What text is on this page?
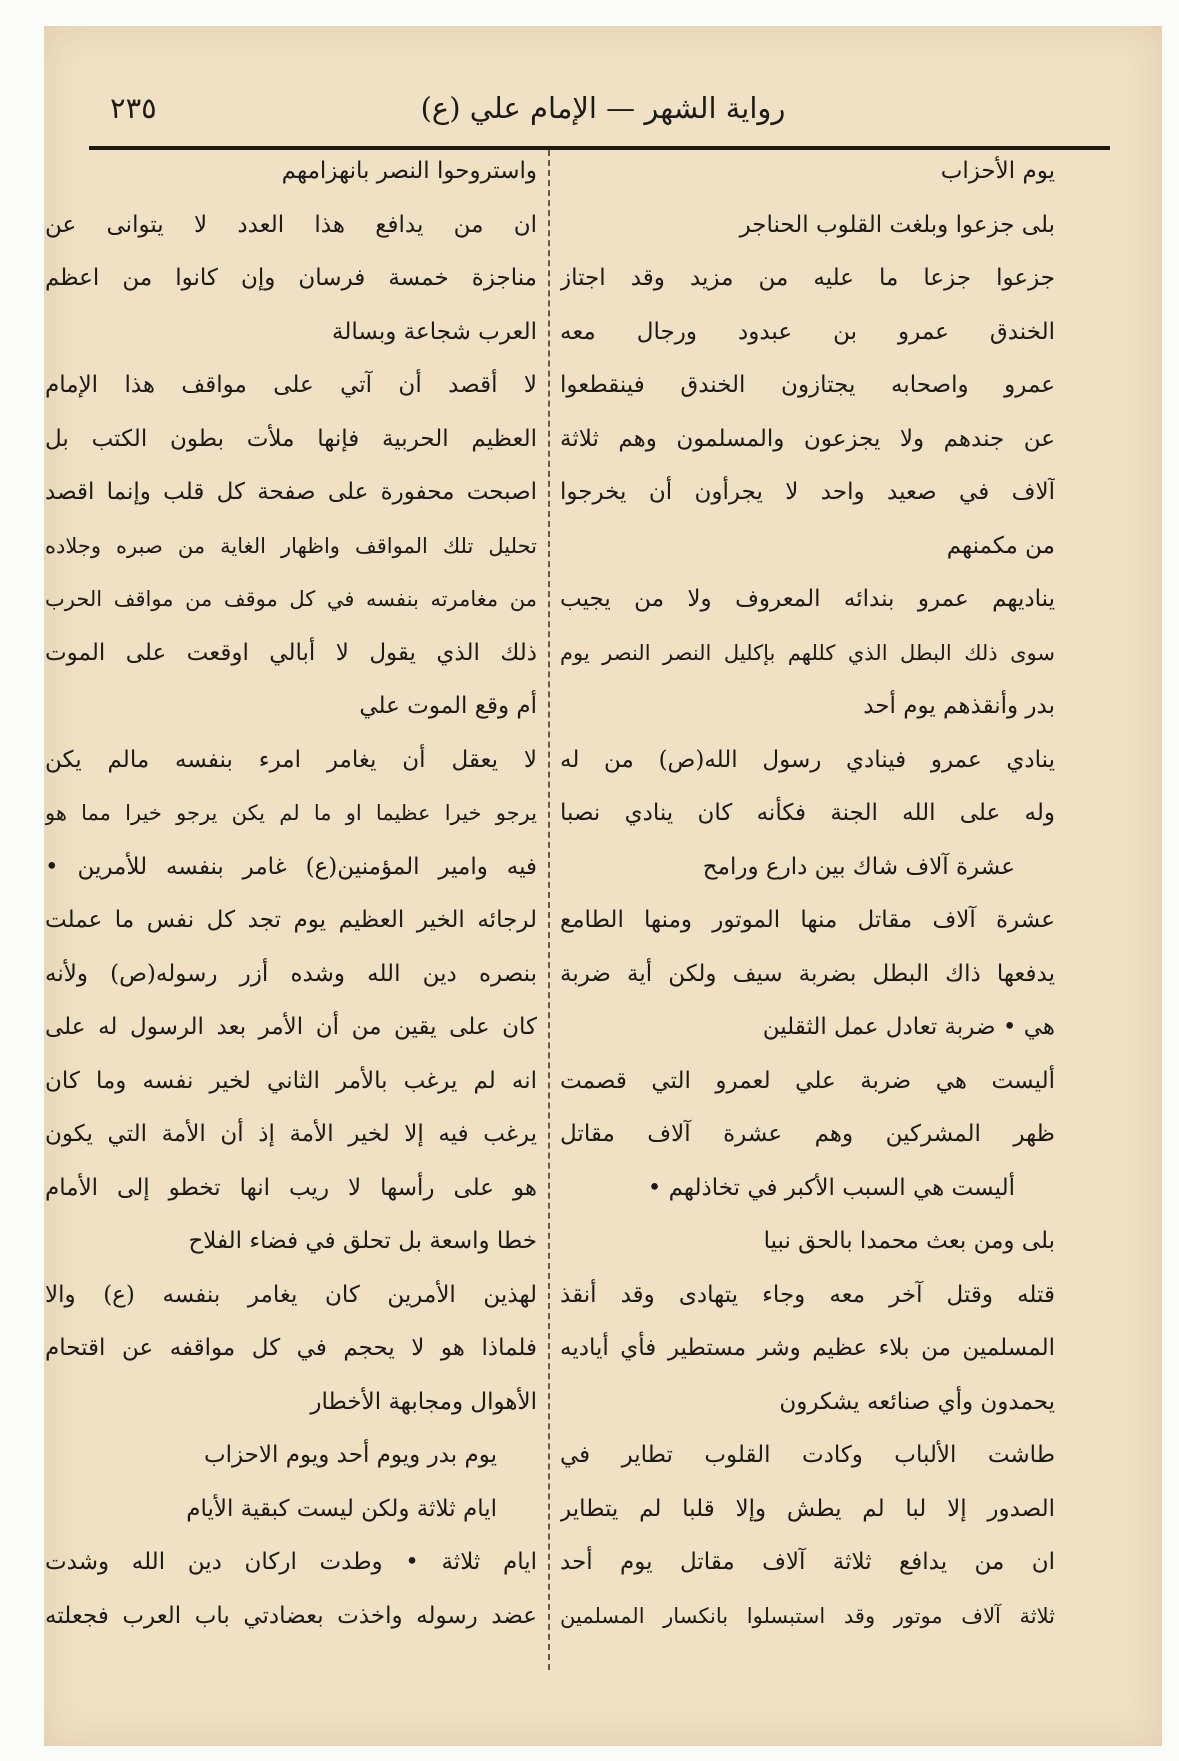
رواية الشهر — الإمام علي (ع)
٢٣٥
يوم الأحزاب
بلى جزعوا وبلغت القلوب الحناجر
جزعوا جزعا ما عليه من مزيد وقد اجتاز
الخندق عمرو بن عبدود ورجال معه
عمرو واصحابه يجتازون الخندق فينقطعوا
عن جندهم ولا يجزعون والمسلمون وهم ثلاثة
آلاف في صعيد واحد لا يجرأون أن يخرجوا
من مكمنهم
يناديهم عمرو بندائه المعروف ولا من يجيب
سوى ذلك البطل الذي كللهم بإكليل النصر النصر يوم
بدر وأنقذهم يوم أحد
ينادي عمرو فينادي رسول الله(ص) من له
وله على الله الجنة فكأنه كان ينادي نصبا
عشرة آلاف شاك بين دارع ورامح
عشرة آلاف مقاتل منها الموتور ومنها الطامع
يدفعها ذاك البطل بضربة سيف ولكن أية ضربة
هي • ضربة تعادل عمل الثقلين
أليست هي ضربة علي لعمرو التي قصمت
ظهر المشركين وهم عشرة آلاف مقاتل
أليست هي السبب الأكبر في تخاذلهم •
بلى ومن بعث محمدا بالحق نبيا
قتله وقتل آخر معه وجاء يتهادى وقد أنقذ
المسلمين من بلاء عظيم وشر مستطير فأي أياديه
يحمدون وأي صنائعه يشكرون
طاشت الألباب وكادت القلوب تطاير في
الصدور إلا لبا لم يطش وإلا قلبا لم يتطاير
ان من يدافع ثلاثة آلاف مقاتل يوم أحد
ثلاثة آلاف موتور وقد استبسلوا بانكسار المسلمين
واستروحوا النصر بانهزامهم
ان من يدافع هذا العدد لا يتوانى عن
مناجزة خمسة فرسان وإن كانوا من اعظم
العرب شجاعة وبسالة
لا أقصد أن آتي على مواقف هذا الإمام
العظيم الحربية فإنها ملأت بطون الكتب بل
اصبحت محفورة على صفحة كل قلب وإنما اقصد
تحليل تلك المواقف واظهار الغاية من صبره وجلاده
من مغامرته بنفسه في كل موقف من مواقف الحرب
ذلك الذي يقول لا أبالي اوقعت على الموت
أم وقع الموت علي
لا يعقل أن يغامر امرء بنفسه مالم يكن
يرجو خيرا عظيما او ما لم يكن يرجو خيرا مما هو
فيه وامير المؤمنين(ع) غامر بنفسه للأمرين •
لرجائه الخير العظيم يوم تجد كل نفس ما عملت
بنصره دين الله وشده أزر رسوله(ص) ولأنه
كان على يقين من أن الأمر بعد الرسول له على
انه لم يرغب بالأمر الثاني لخير نفسه وما كان
يرغب فيه إلا لخير الأمة إذ أن الأمة التي يكون
هو على رأسها لا ريب انها تخطو إلى الأمام
خطا واسعة بل تحلق في فضاء الفلاح
لهذين الأمرين كان يغامر بنفسه (ع) والا
فلماذا هو لا يحجم في كل مواقفه عن اقتحام
الأهوال ومجابهة الأخطار
يوم بدر ويوم أحد ويوم الاحزاب
ايام ثلاثة ولكن ليست كبقية الأيام
ايام ثلاثة • وطدت اركان دين الله وشدت
عضد رسوله واخذت بعضادتي باب العرب فجعلته
